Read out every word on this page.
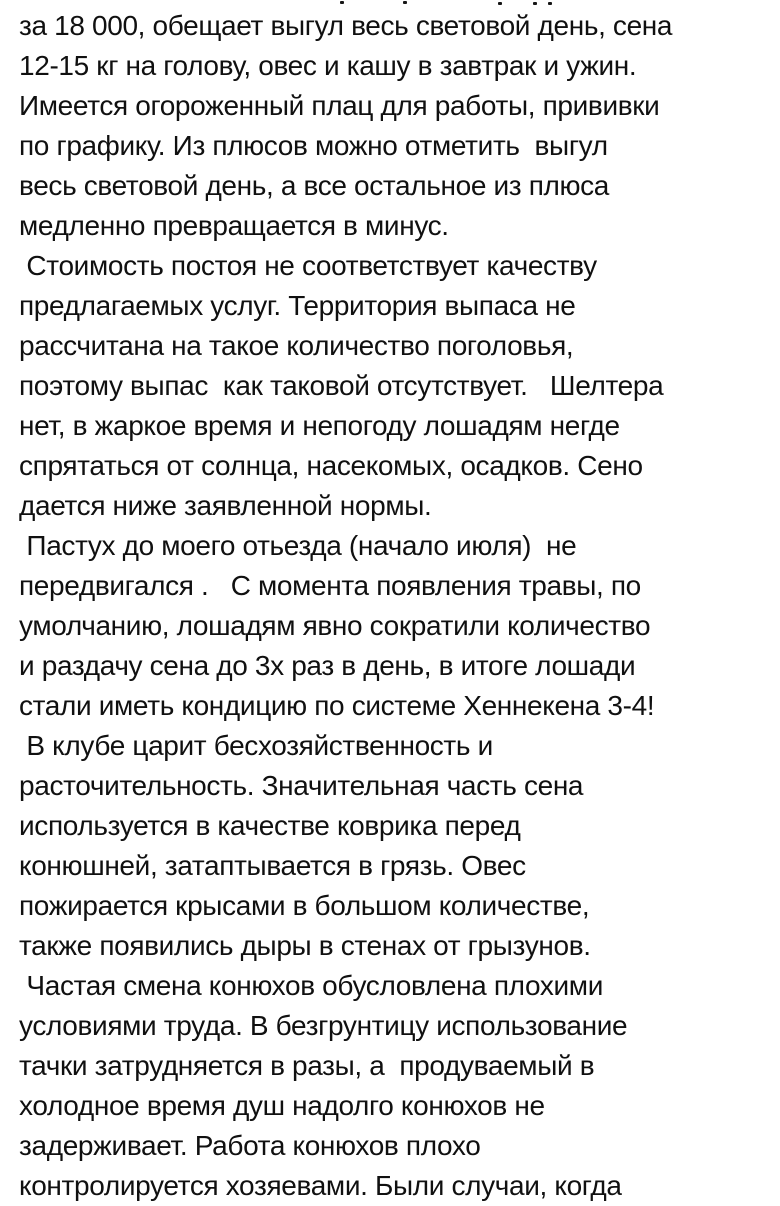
за 18 000, обещает выгул весь световой день, сена
12-15 кг на голову, овес и кашу в завтрак и ужин.
Имеется огороженный плац для работы, прививки
по графику. Из плюсов можно отметить  выгул
весь световой день, а все остальное из плюса
медленно превращается в минус.
Стоимость постоя не соответствует качеству
предлагаемых услуг. Территория выпаса не
рассчитана на такое количество поголовья,
поэтому выпас  как таковой отсутствует.   Шелтера
нет, в жаркое время и непогоду лошадям негде
спрятаться от солнца, насекомых, осадков. Сено
дается ниже заявленной нормы.
Пастух до моего отьезда (начало июля)  не
передвигался .   С момента появления травы, по
умолчанию, лошадям явно сократили количество
и раздачу сена до 3х раз в день, в итоге лошади
стали иметь кондицию по системе Хеннекена 3-4!
В клубе царит бесхозяйственность и
расточительность. Значительная часть сена
используется в качестве коврика перед
конюшней, затаптывается в грязь. Овес
пожирается крысами в большом количестве,
также появились дыры в стенах от грызунов.
Частая смена конюхов обусловлена плохими
условиями труда. В безгрунтицу использование
тачки затрудняется в разы, а  продуваемый в
холодное время душ надолго конюхов не
задерживает. Работа конюхов плохо
контролируется хозяевами. Были случаи, когда
